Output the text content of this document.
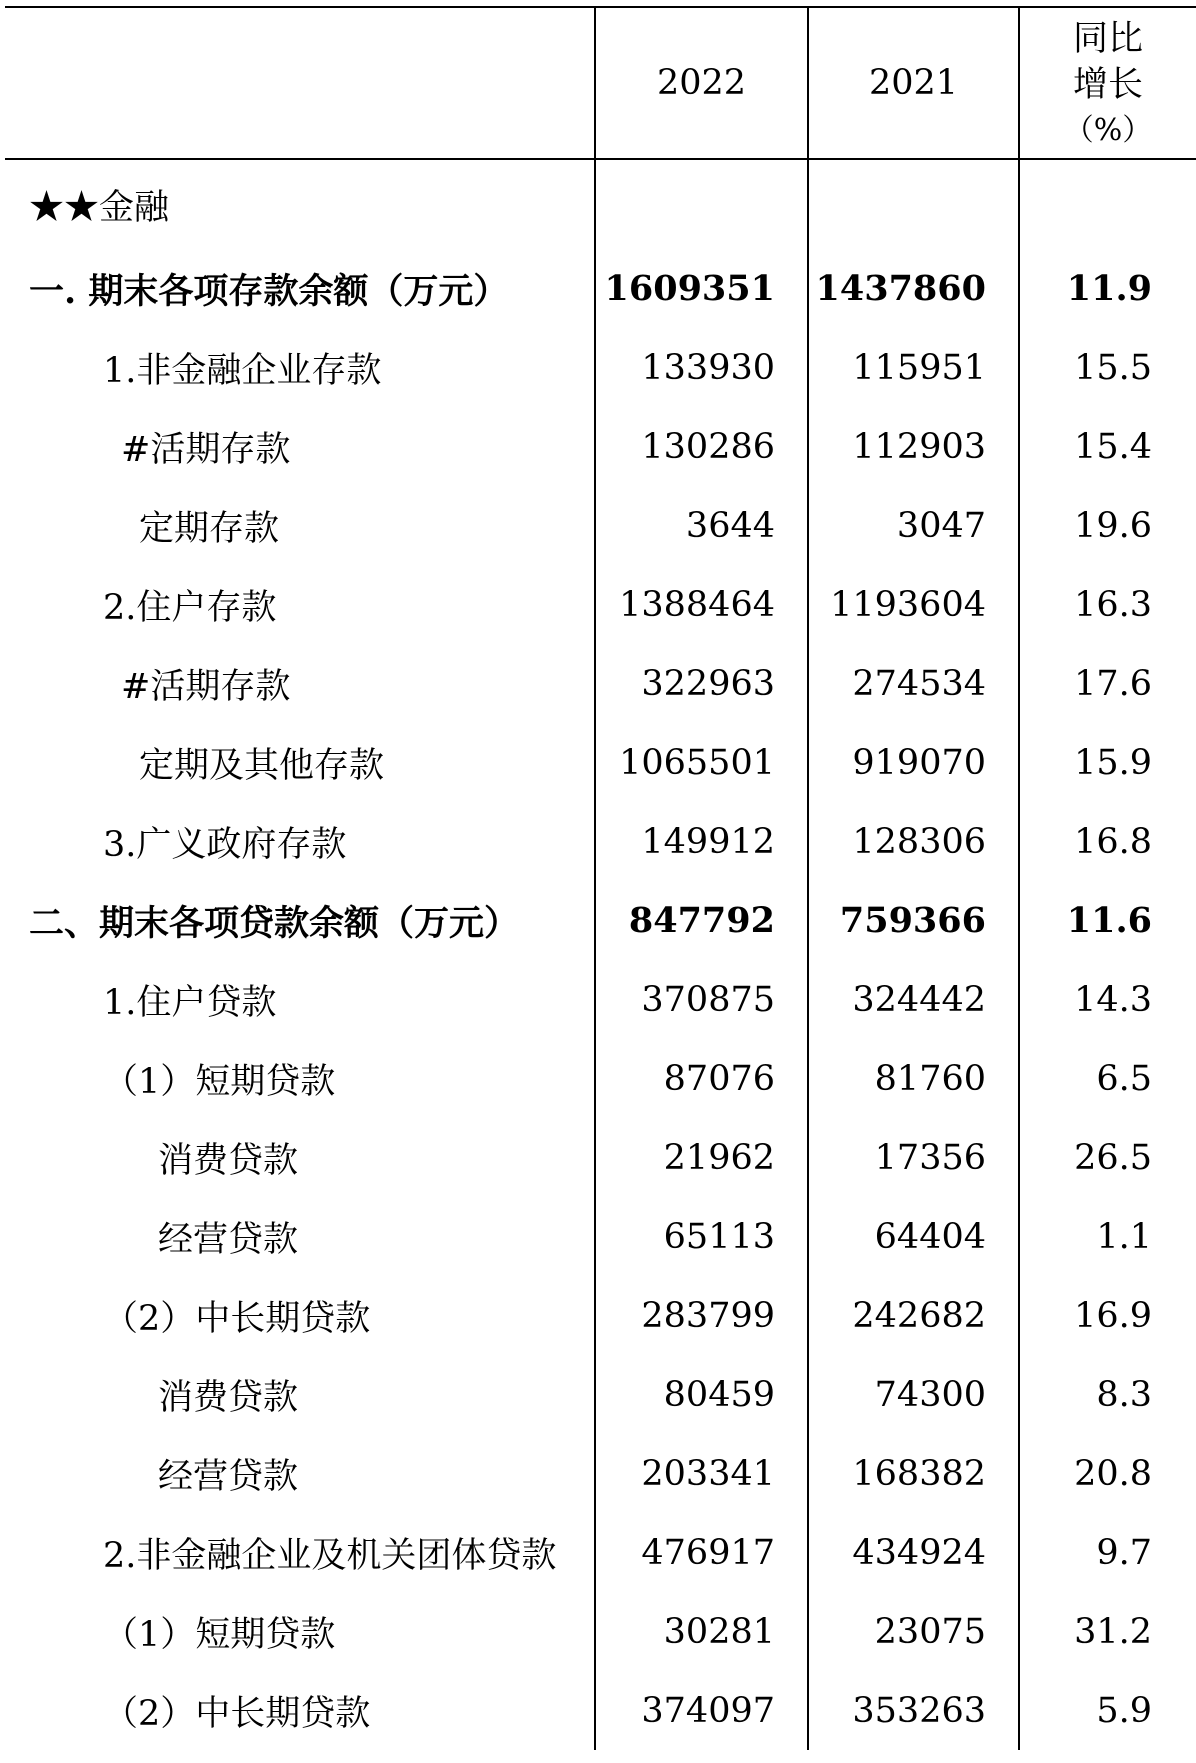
	2022	2021	同比
增长
（%）

★★金融			
一. 期末各项存款余额（万元）	1609351	1437860	11.9
1.非金融企业存款	133930	115951	15.5
#活期存款	130286	112903	15.4
定期存款	3644	3047	19.6
2.住户存款	1388464	1193604	16.3
#活期存款	322963	274534	17.6
定期及其他存款	1065501	919070	15.9
3.广义政府存款	149912	128306	16.8
二、期末各项贷款余额（万元）	847792	759366	11.6
1.住户贷款	370875	324442	14.3
（1）短期贷款	87076	81760	6.5
消费贷款	21962	17356	26.5
经营贷款	65113	64404	1.1
（2）中长期贷款	283799	242682	16.9
消费贷款	80459	74300	8.3
经营贷款	203341	168382	20.8
2.非金融企业及机关团体贷款	476917	434924	9.7
（1）短期贷款	30281	23075	31.2
（2）中长期贷款	374097	353263	5.9
